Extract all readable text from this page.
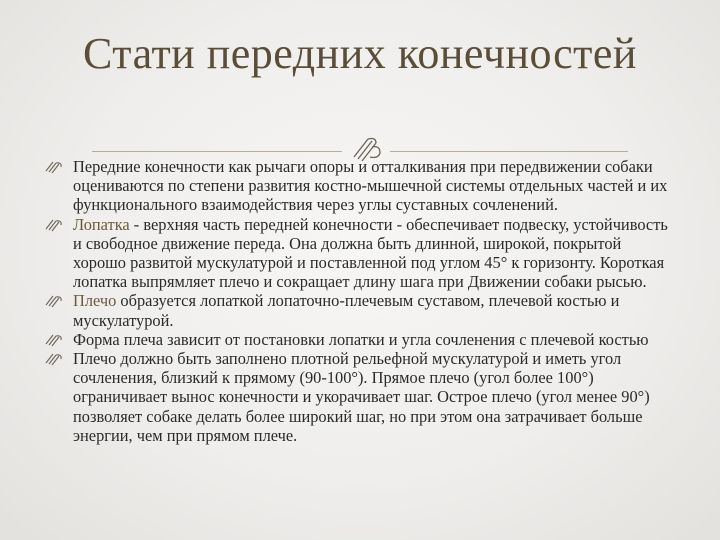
Стати передних конечностей

Передние конечности как рычаги опоры и отталкивания при передвижении собаки оцениваются по степени развития костно-мышечной системы отдельных частей и их функционального взаимодействия через углы суставных сочленений.

Лопатка - верхняя часть передней конечности - обеспечивает подвеску, устойчивость и свободное движение переда. Она должна быть длинной, широкой, покрытой хорошо развитой мускулатурой и поставленной под углом 45° к горизонту. Короткая лопатка выпрямляет плечо и сокращает длину шага при Движении собаки рысью.

Плечо образуется лопаткой лопаточно-плечевым суставом, плечевой костью и мускулатурой.

Форма плеча зависит от постановки лопатки и угла сочленения с плечевой костью

Плечо должно быть заполнено плотной рельефной мускулатурой и иметь угол сочленения, близкий к прямому (90-100°). Прямое плечо (угол более 100°) ограничивает вынос конечности и укорачивает шаг. Острое плечо (угол менее 90°) позволяет собаке делать более широкий шаг, но при этом она затрачивает больше энергии, чем при прямом плече.
